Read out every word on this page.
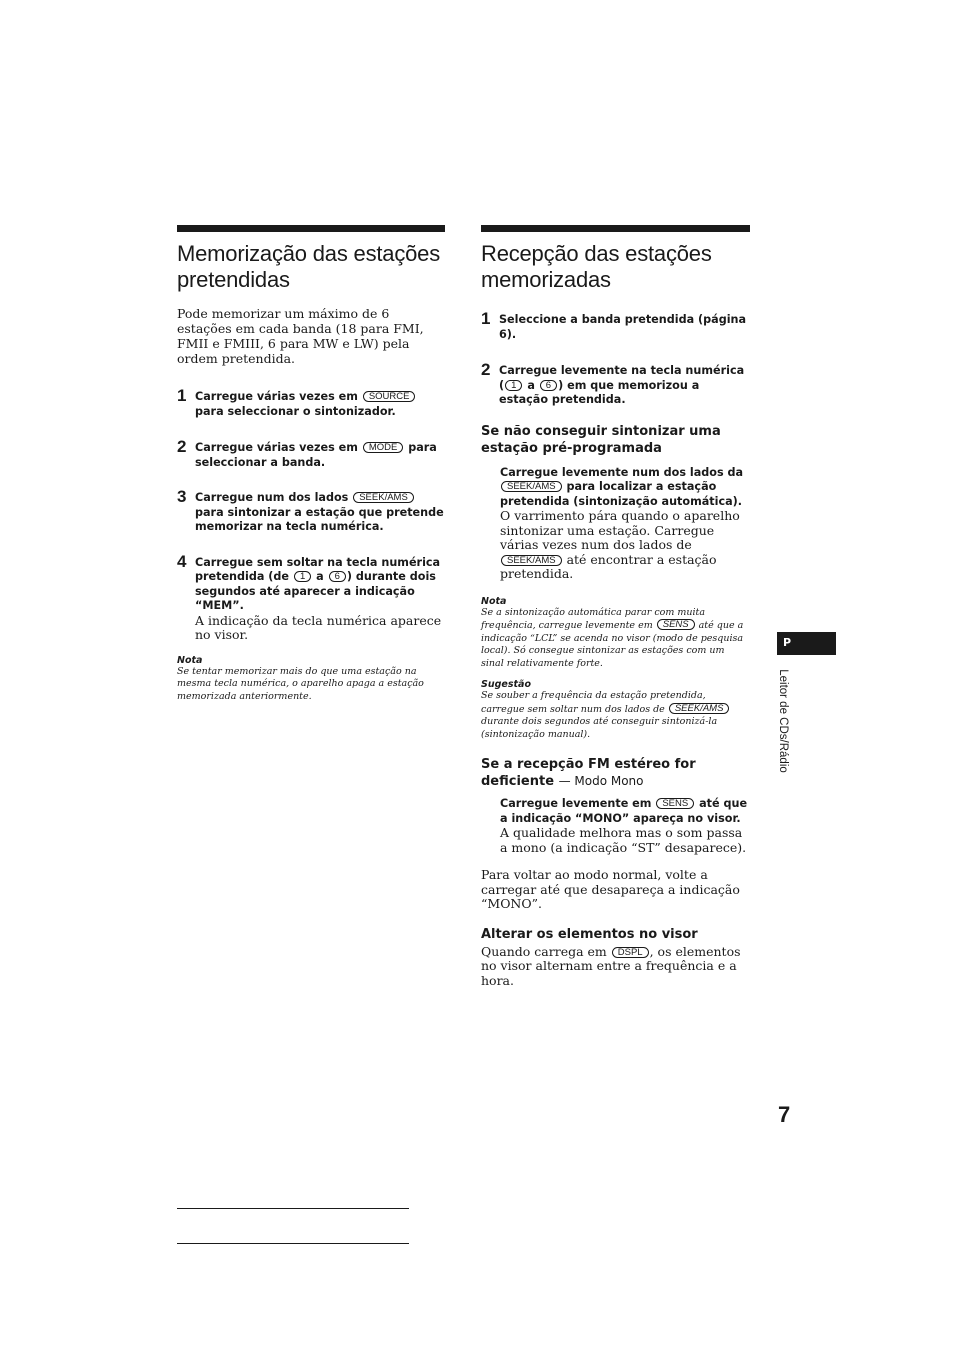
Memorização das estações pretendidas
Pode memorizar um máximo de 6 estações em cada banda (18 para FMI, FMII e FMIII, 6 para MW e LW) pela ordem pretendida.
1 Carregue várias vezes em SOURCE para seleccionar o sintonizador.
2 Carregue várias vezes em MODE para seleccionar a banda.
3 Carregue num dos lados SEEK/AMS para sintonizar a estação que pretende memorizar na tecla numérica.
4 Carregue sem soltar na tecla numérica pretendida (de 1 a 6 ) durante dois segundos até aparecer a indicação “MEM”.
A indicação da tecla numérica aparece no visor.
Nota
Se tentar memorizar mais do que uma estação na mesma tecla numérica, o aparelho apaga a estação memorizada anteriormente.
Recepção das estações memorizadas
1 Seleccione a banda pretendida (página 6).
2 Carregue levemente na tecla numérica ( 1 a 6 ) em que memorizou a estação pretendida.
Se não conseguir sintonizar uma estação pré-programada
Carregue levemente num dos lados da SEEK/AMS para localizar a estação pretendida (sintonização automática).
O varrimento pára quando o aparelho sintonizar uma estação. Carregue várias vezes num dos lados de SEEK/AMS até encontrar a estação pretendida.
Nota
Se a sintonização automática parar com muita frequência, carregue levemente em SENS até que a indicação “LCL” se acenda no visor (modo de pesquisa local). Só consegue sintonizar as estações com um sinal relativamente forte.
Sugestão
Se souber a frequência da estação pretendida, carregue sem soltar num dos lados de SEEK/AMS durante dois segundos até conseguir sintonizá-la (sintonização manual).
Se a recepção FM estéreo for deficiente — Modo Mono
Carregue levemente em SENS até que a indicação “MONO” apareça no visor.
A qualidade melhora mas o som passa a mono (a indicação “ST” desaparece).
Para voltar ao modo normal, volte a carregar até que desapareça a indicação “MONO”.
Alterar os elementos no visor
Quando carrega em DSPL , os elementos no visor alternam entre a frequência e a hora.
P
Leitor de CDs/Rádio
7
